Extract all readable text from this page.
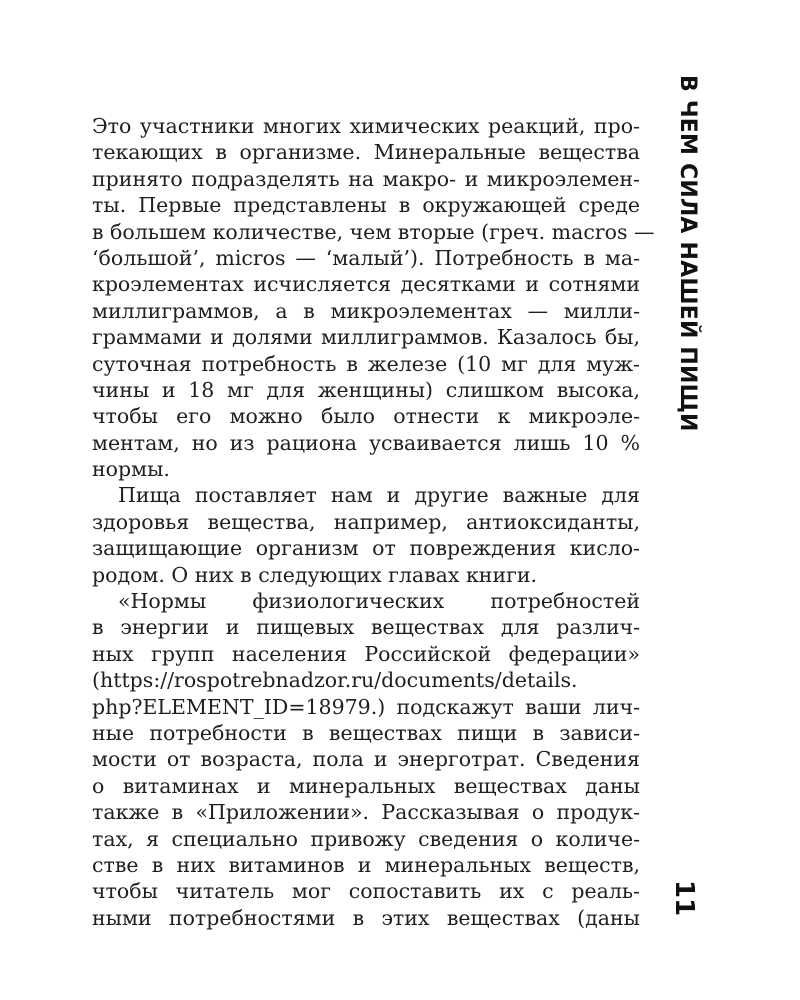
В ЧЕМ СИЛА НАШЕЙ ПИЩИ
Это участники многих химических реакций, про-
текающих в организме. Минеральные вещества
принято подразделять на макро- и микроэлемен-
ты. Первые представлены в окружающей среде
в большем количестве, чем вторые (греч. macros —
‘большой’, micros — ‘малый’). Потребность в ма-
кроэлементах исчисляется десятками и сотнями
миллиграммов, а в микроэлементах — милли-
граммами и долями миллиграммов. Казалось бы,
суточная потребность в железе (10 мг для муж-
чины и 18 мг для женщины) слишком высока,
чтобы его можно было отнести к микроэле-
ментам, но из рациона усваивается лишь 10 %
нормы.
Пища поставляет нам и другие важные для
здоровья вещества, например, антиоксиданты,
защищающие организм от повреждения кисло-
родом. О них в следующих главах книги.
«Нормы физиологических потребностей
в энергии и пищевых веществах для различ-
ных групп населения Российской федерации»
(https://rospotrebnadzor.ru/documents/details.
php?ELEMENT_ID=18979.) подскажут ваши лич-
ные потребности в веществах пищи в зависи-
мости от возраста, пола и энерготрат. Сведения
о витаминах и минеральных веществах даны
также в «Приложении». Рассказывая о продук-
тах, я специально привожу сведения о количе-
стве в них витаминов и минеральных веществ,
чтобы читатель мог сопоставить их с реаль-
ными потребностями в этих веществах (даны
11
